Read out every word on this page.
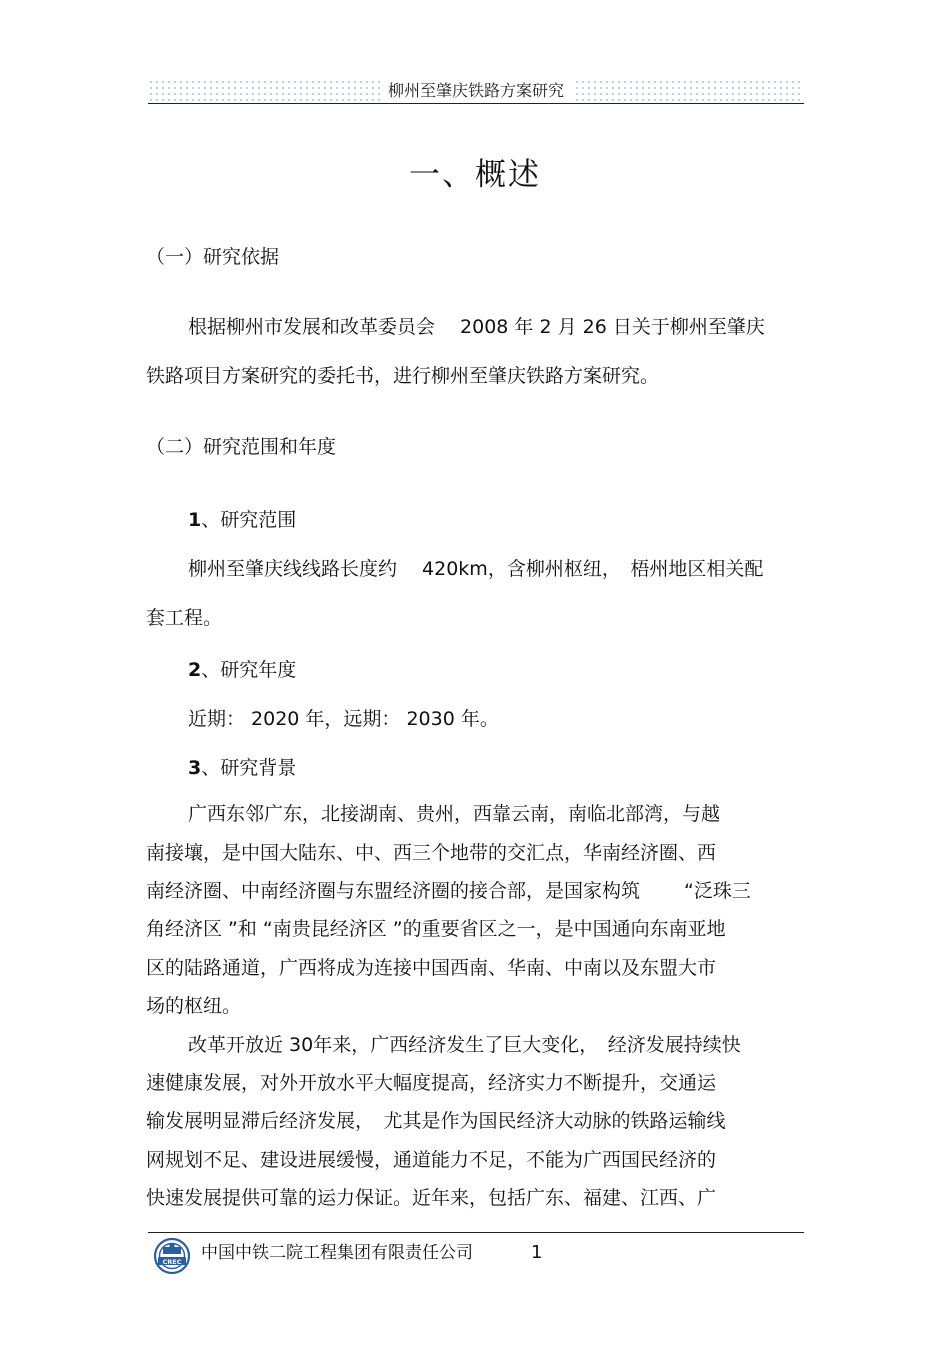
柳州至肇庆铁路方案研究
一、概述

（一）研究依据

根据柳州市发展和改革委员会　 2008 年 2 月 26 日关于柳州至肇庆

铁路项目方案研究的委托书，进行柳州至肇庆铁路方案研究。

（二）研究范围和年度

1、研究范围

柳州至肇庆线线路长度约　 420km，含柳州枢纽，　梧州地区相关配

套工程。

2、研究年度

近期： 2020 年，远期： 2030 年。

3、研究背景

广西东邻广东，北接湖南、贵州，西靠云南，南临北部湾，与越

南接壤，是中国大陆东、中、西三个地带的交汇点，华南经济圈、西

南经济圈、中南经济圈与东盟经济圈的接合部，是国家构筑　　 “泛珠三

角经济区 ”和 “南贵昆经济区 ”的重要省区之一，是中国通向东南亚地

区的陆路通道，广西将成为连接中国西南、华南、中南以及东盟大市

场的枢纽。

改革开放近 30年来，广西经济发生了巨大变化，　经济发展持续快

速健康发展，对外开放水平大幅度提高，经济实力不断提升，交通运

输发展明显滞后经济发展，　尤其是作为国民经济大动脉的铁路运输线

网规划不足、建设进展缓慢，通道能力不足，不能为广西国民经济的

快速发展提供可靠的运力保证。近年来，包括广东、福建、江西、广

CREC 中国中铁二院工程集团有限责任公司	1
